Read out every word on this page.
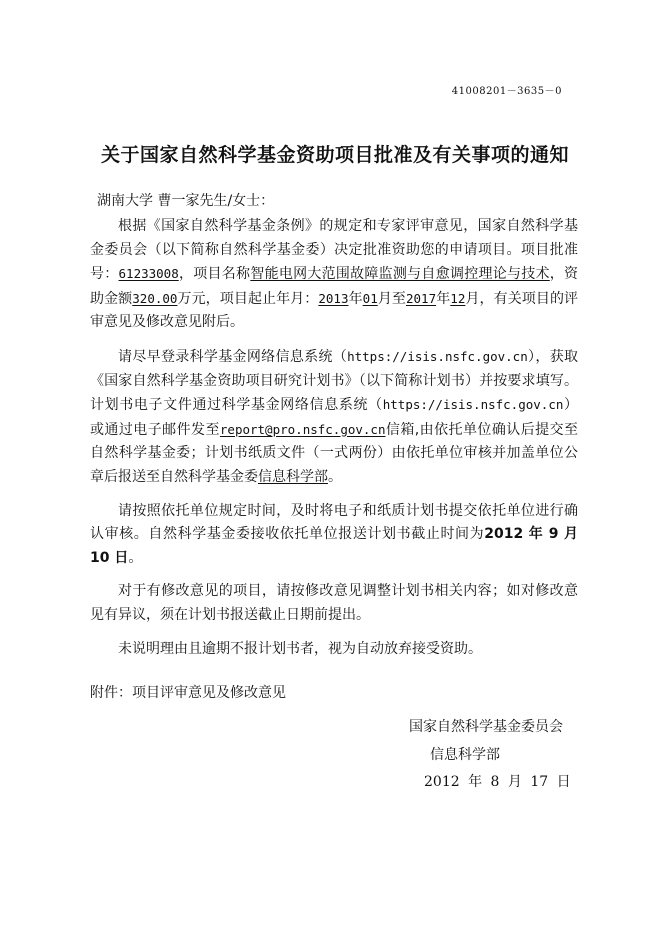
41008201－3635－0
关于国家自然科学基金资助项目批准及有关事项的通知
湖南大学 曹一家先生/女士：

根据《国家自然科学基金条例》的规定和专家评审意见，国家自然科学基金委员会（以下简称自然科学基金委）决定批准资助您的申请项目。项目批准号：61233008，项目名称智能电网大范围故障监测与自愈调控理论与技术，资助金额320.00万元，项目起止年月：2013年01月至2017年12月，有关项目的评审意见及修改意见附后。

请尽早登录科学基金网络信息系统（https://isis.nsfc.gov.cn），获取《国家自然科学基金资助项目研究计划书》（以下简称计划书）并按要求填写。计划书电子文件通过科学基金网络信息系统（https://isis.nsfc.gov.cn）或通过电子邮件发至report@pro.nsfc.gov.cn信箱,由依托单位确认后提交至自然科学基金委；计划书纸质文件（一式两份）由依托单位审核并加盖单位公章后报送至自然科学基金委信息科学部。

请按照依托单位规定时间，及时将电子和纸质计划书提交依托单位进行确认审核。自然科学基金委接收依托单位报送计划书截止时间为2012 年 9 月 10 日。

对于有修改意见的项目，请按修改意见调整计划书相关内容；如对修改意见有异议，须在计划书报送截止日期前提出。

未说明理由且逾期不报计划书者，视为自动放弃接受资助。

附件：项目评审意见及修改意见
国家自然科学基金委员会
信息科学部
2012 年 8 月 17 日
